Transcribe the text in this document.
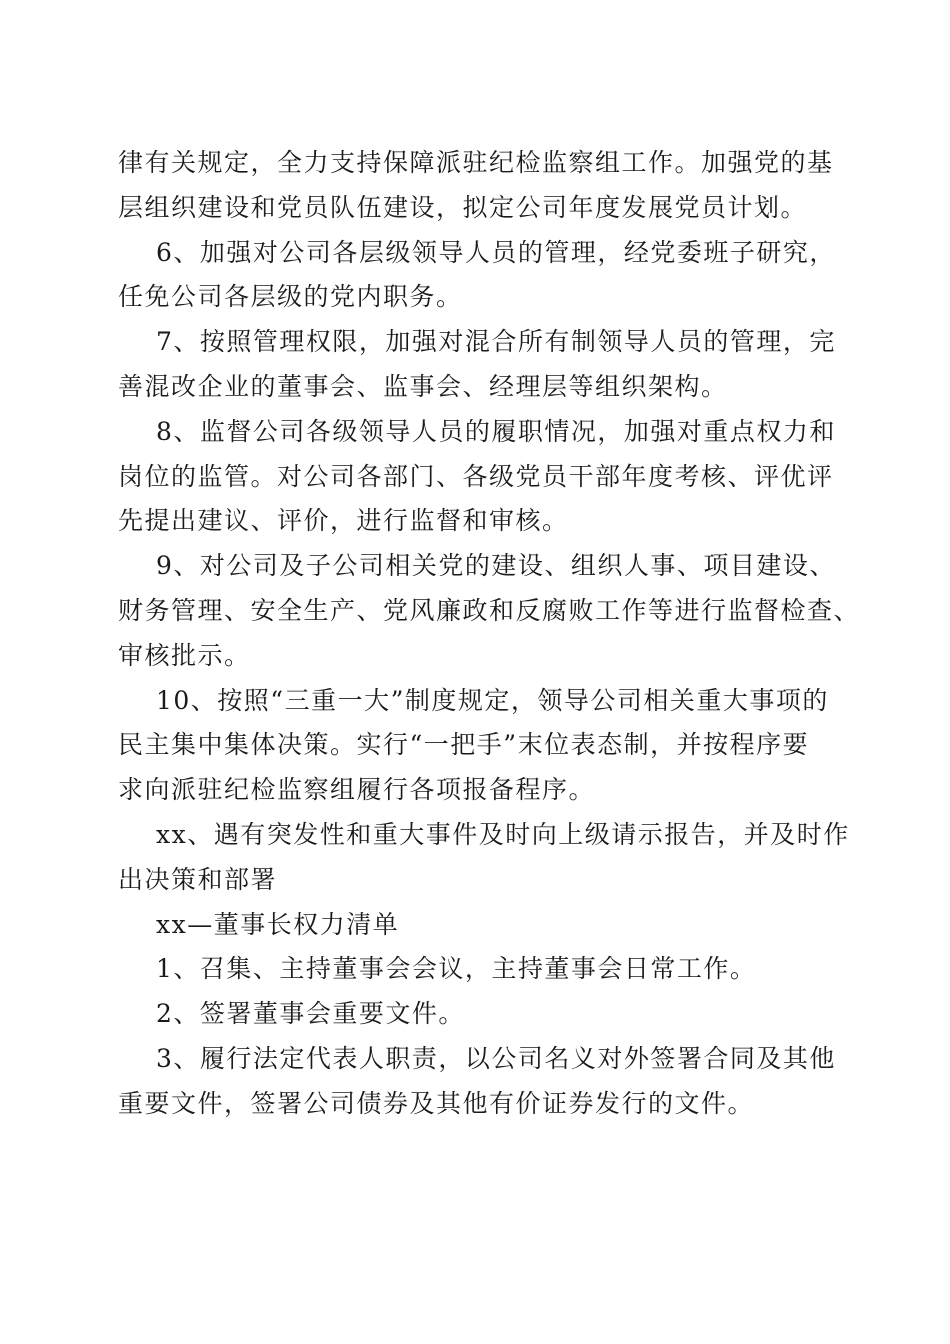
律有关规定，全力支持保障派驻纪检监察组工作。加强党的基
层组织建设和党员队伍建设，拟定公司年度发展党员计划。
6、加强对公司各层级领导人员的管理，经党委班子研究，
任免公司各层级的党内职务。
7、按照管理权限，加强对混合所有制领导人员的管理，完
善混改企业的董事会、监事会、经理层等组织架构。
8、监督公司各级领导人员的履职情况，加强对重点权力和
岗位的监管。对公司各部门、各级党员干部年度考核、评优评
先提出建议、评价，进行监督和审核。
9、对公司及子公司相关党的建设、组织人事、项目建设、
财务管理、安全生产、党风廉政和反腐败工作等进行监督检查、
审核批示。
10、按照“三重一大”制度规定，领导公司相关重大事项的
民主集中集体决策。实行“一把手”末位表态制，并按程序要
求向派驻纪检监察组履行各项报备程序。
xx、遇有突发性和重大事件及时向上级请示报告，并及时作
出决策和部署
xx—董事长权力清单
1、召集、主持董事会会议，主持董事会日常工作。
2、签署董事会重要文件。
3、履行法定代表人职责，以公司名义对外签署合同及其他
重要文件，签署公司债券及其他有价证券发行的文件。
